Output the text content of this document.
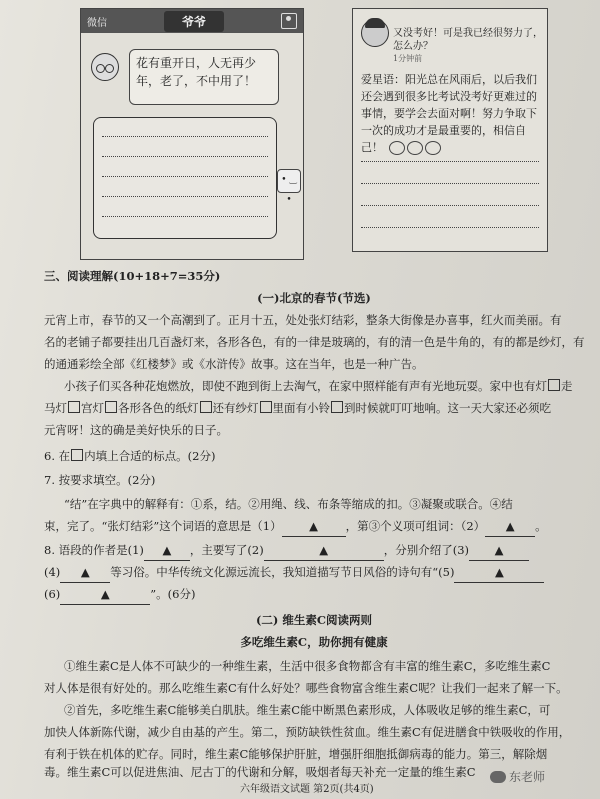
微信	爷爷
花有重开日，人无再少年，老了，不中用了！
• ‿ •
又没考好！可是我已经很努力了，怎么办？
1分钟前
爱星语：阳光总在风雨后，以后我们还会遇到很多比考试没考好更难过的事情，要学会去面对啊！努力争取下一次的成功才是最重要的，相信自己！
三、阅读理解(10+18+7=35分)
(一)北京的春节(节选)
元宵上市，春节的又一个高潮到了。正月十五，处处张灯结彩，整条大街像是办喜事，红火而美丽。有
名的老铺子都要挂出几百盏灯来，各形各色，有的一律是玻璃的，有的清一色是牛角的，有的都是纱灯，有
的通通彩绘全部《红楼梦》或《水浒传》故事。这在当年，也是一种广告。
小孩子们买各种花炮燃放，即使不跑到街上去淘气，在家中照样能有声有光地玩耍。家中也有灯 走
马灯 宫灯 各形各色的纸灯 还有纱灯 里面有小铃 到时候就叮叮地响。这一天大家还必须吃
元宵呀！这的确是美好快乐的日子。
6. 在 内填上合适的标点。(2分)
7. 按要求填空。(2分)
“结”在字典中的解释有：①系，结。②用绳、线、布条等缩成的扣。③凝聚或联合。④结
束，完了。“张灯结彩”这个词语的意思是（1） ▲ ，第③个义项可组词：（2） ▲ 。
8. 语段的作者是(1) ▲ ，主要写了(2)	▲	，分别介绍了(3) ▲
(4) ▲ 等习俗。中华传统文化源远流长，我知道描写节日风俗的诗句有“(5)	▲
(6)	▲	”。(6分)
(二) 维生素C阅读两则
多吃维生素C，助你拥有健康
①维生素C是人体不可缺少的一种维生素，生活中很多食物都含有丰富的维生素C，多吃维生素C
对人体是很有好处的。那么吃维生素C有什么好处？哪些食物富含维生素C呢？让我们一起来了解一下。
②首先，多吃维生素C能够美白肌肤。维生素C能中断黑色素形成，人体吸收足够的维生素C，可
加快人体新陈代谢，减少自由基的产生。第二，预防缺铁性贫血。维生素C有促进膳食中铁吸收的作用，
有利于铁在机体的贮存。同时，维生素C能够保护肝脏，增强肝细胞抵御病毒的能力。第三，解除烟
毒。维生素C可以促进焦油、尼古丁的代谢和分解，吸烟者每天补充一定量的维生素C
六年级语文试题 第2页(共4页)
东老师
